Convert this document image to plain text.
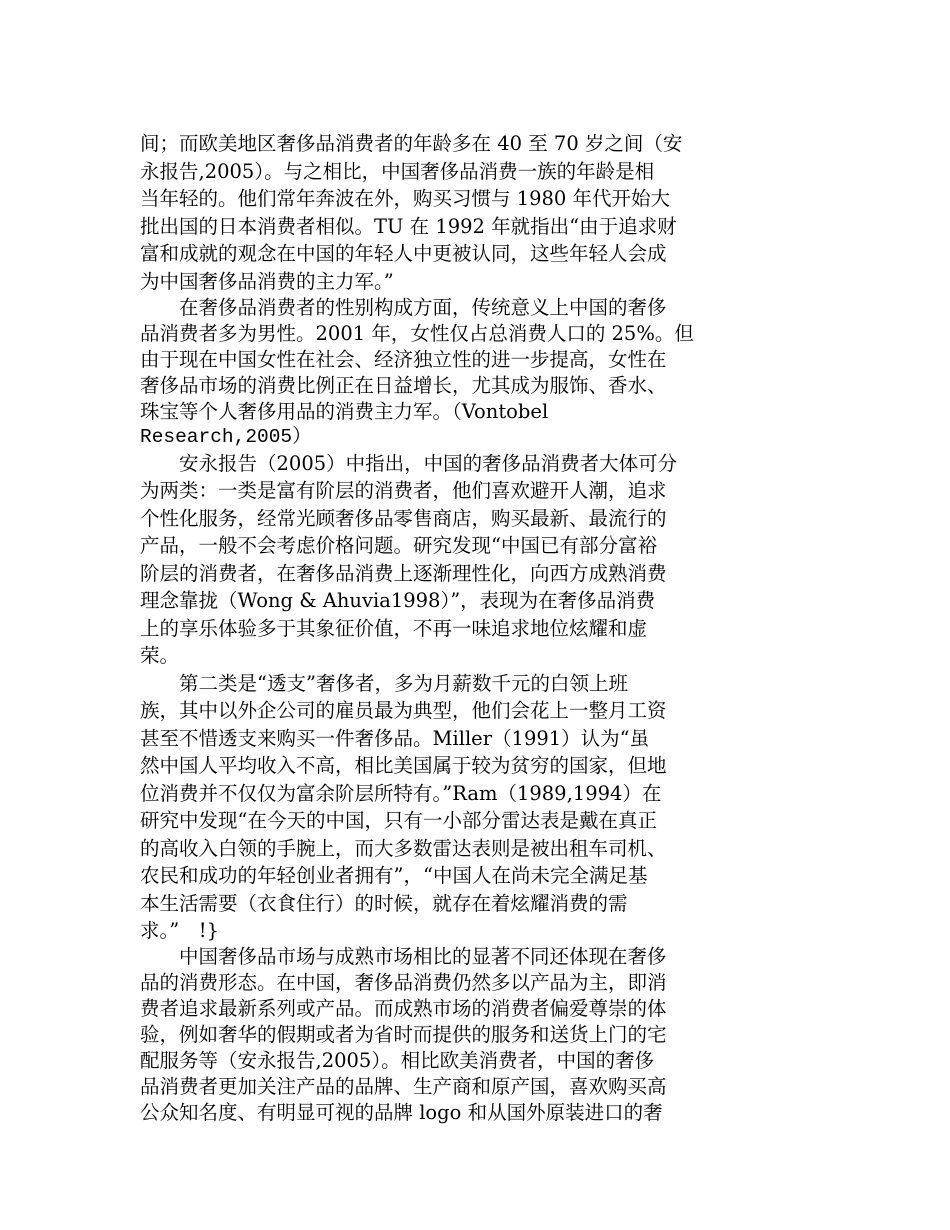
间；而欧美地区奢侈品消费者的年龄多在 40 至 70 岁之间（安
永报告,2005）。与之相比，中国奢侈品消费一族的年龄是相
当年轻的。他们常年奔波在外，购买习惯与 1980 年代开始大
批出国的日本消费者相似。TU 在 1992 年就指出“由于追求财
富和成就的观念在中国的年轻人中更被认同，这些年轻人会成
为中国奢侈品消费的主力军。”
　　在奢侈品消费者的性别构成方面，传统意义上中国的奢侈
品消费者多为男性。2001 年，女性仅占总消费人口的 25%。但
由于现在中国女性在社会、经济独立性的进一步提高，女性在
奢侈品市场的消费比例正在日益增长，尤其成为服饰、香水、
珠宝等个人奢侈用品的消费主力军。（Vontobel
Research,2005）
　　安永报告（2005）中指出，中国的奢侈品消费者大体可分
为两类：一类是富有阶层的消费者，他们喜欢避开人潮，追求
个性化服务，经常光顾奢侈品零售商店，购买最新、最流行的
产品，一般不会考虑价格问题。研究发现“中国已有部分富裕
阶层的消费者，在奢侈品消费上逐渐理性化，向西方成熟消费
理念靠拢（Wong & Ahuvia1998）”，表现为在奢侈品消费
上的享乐体验多于其象征价值，不再一味追求地位炫耀和虚
荣。
　　第二类是“透支”奢侈者，多为月薪数千元的白领上班
族，其中以外企公司的雇员最为典型，他们会花上一整月工资
甚至不惜透支来购买一件奢侈品。Miller（1991）认为“虽
然中国人平均收入不高，相比美国属于较为贫穷的国家，但地
位消费并不仅仅为富余阶层所特有。”Ram（1989,1994）在
研究中发现“在今天的中国，只有一小部分雷达表是戴在真正
的高收入白领的手腕上，而大多数雷达表则是被出租车司机、
农民和成功的年轻创业者拥有”，“中国人在尚未完全满足基
本生活需要（衣食住行）的时候，就存在着炫耀消费的需
求。”　!}
　　中国奢侈品市场与成熟市场相比的显著不同还体现在奢侈
品的消费形态。在中国，奢侈品消费仍然多以产品为主，即消
费者追求最新系列或产品。而成熟市场的消费者偏爱尊崇的体
验，例如奢华的假期或者为省时而提供的服务和送货上门的宅
配服务等（安永报告,2005）。相比欧美消费者，中国的奢侈
品消费者更加关注产品的品牌、生产商和原产国，喜欢购买高
公众知名度、有明显可视的品牌 logo 和从国外原装进口的奢
